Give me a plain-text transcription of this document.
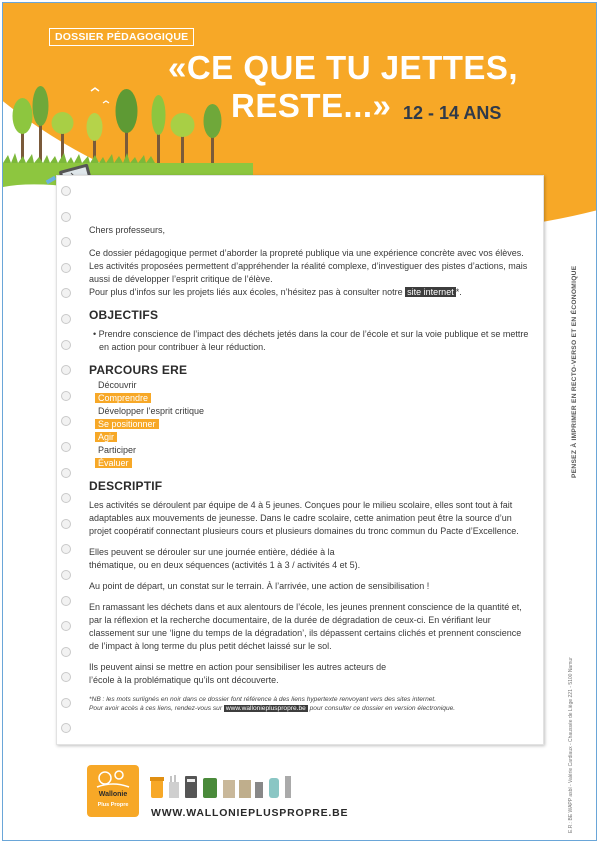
DOSSIER PÉDAGOGIQUE
«CE QUE TU JETTES,
RESTE...» 12 - 14 ANS

Chers professeurs,

Ce dossier pédagogique permet d’aborder la propreté publique via une expérience concrète avec vos élèves. Les activités proposées permettent d’appréhender la réalité complexe, d’investiguer des pistes d’actions, mais aussi de développer l’esprit critique de l’élève.

Pour plus d’infos sur les projets liés aux écoles, n’hésitez pas à consulter notre site internet *.

OBJECTIFS

• Prendre conscience de l’impact des déchets jetés dans la cour de l’école et sur la voie publique et se mettre en action pour contribuer à leur réduction.

PARCOURS ERE
Découvrir
Comprendre
Développer l’esprit critique
Se positionner
Agir
Participer
Évaluer
DESCRIPTIF

Les activités se déroulent par équipe de 4 à 5 jeunes. Conçues pour le milieu scolaire, elles sont tout à fait adaptables aux mouvements de jeunesse. Dans le cadre scolaire, cette animation peut être la source d’un projet coopératif connectant plusieurs cours et plusieurs domaines du tronc commun du Pacte d’Excellence.

Elles peuvent se dérouler sur une journée entière, dédiée à la thématique, ou en deux séquences (activités 1 à 3 / activités 4 et 5).

Au point de départ, un constat sur le terrain. À l’arrivée, une action de sensibilisation !

En ramassant les déchets dans et aux alentours de l’école, les jeunes prennent conscience de la quantité et, par la réflexion et la recherche documentaire, de la durée de dégradation de ceux-ci. En vérifiant leur classement sur une ‘ligne du temps de la dégradation’, ils dépassent certains clichés et prennent conscience de l’impact à long terme du plus petit déchet laissé sur le sol.

Ils peuvent ainsi se mettre en action pour sensibiliser les autres acteurs de l’école à la problématique qu’ils ont découverte.

*NB : les mots surlignés en noir dans ce dossier font référence à des liens hypertexte renvoyant vers des sites internet.
Pour avoir accès à ces liens, rendez-vous sur www.walloniepluspropre.be pour consulter ce dossier en version électronique.
PENSEZ À IMPRIMER EN RECTO-VERSO ET EN ÉCONOMIQUE
E.R.: BE WAPP asbl - Valérie Cardiaux - Chaussée de Liège 221 - 5100 Namur
Wallonie
Plus Propre
WWW.WALLONIEPLUSPROPRE.BE
